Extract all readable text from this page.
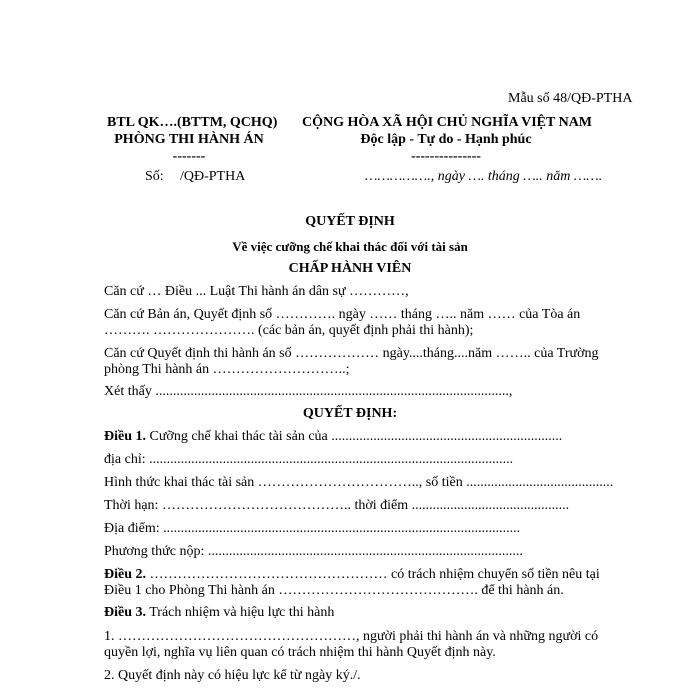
Mẫu số 48/QĐ-PTHA
BTL QK….(BTTM, QCHQ)
PHÒNG THI HÀNH ÁN
-------
CỘNG HÒA XÃ HỘI CHỦ NGHĨA VIỆT NAM
Độc lập - Tự do - Hạnh phúc
---------------
Số: /QĐ-PTHA	……………., ngày …. tháng ….. năm …….
QUYẾT ĐỊNH
Về việc cưỡng chế khai thác đối với tài sản
CHẤP HÀNH VIÊN
Căn cứ … Điều ... Luật Thi hành án dân sự …………,
Căn cứ Bản án, Quyết định số …………. ngày …… tháng ….. năm …… của Tòa án
………. …………………. (các bản án, quyết định phải thi hành);
Căn cứ Quyết định thi hành án số ……………… ngày....tháng....năm …….. của Trường
phòng Thi hành án ………………………..;
Xét thấy .....................................................................................................,
QUYẾT ĐỊNH:
Điều 1. Cưỡng chế khai thác tài sản của ..................................................................
địa chỉ: ........................................................................................................
Hình thức khai thác tài sản …………………………….., số tiền ..........................................
Thời hạn: ………………………………….. thời điểm .............................................
Địa điểm: ......................................................................................................
Phương thức nộp: ..........................................................................................
Điều 2. …………………………………………… có trách nhiệm chuyển số tiền nêu tại
Điều 1 cho Phòng Thi hành án ……………………………………. để thi hành án.
Điều 3. Trách nhiệm và hiệu lực thi hành
1. ……………………………………………, người phải thi hành án và những người có
quyền lợi, nghĩa vụ liên quan có trách nhiệm thi hành Quyết định này.
2. Quyết định này có hiệu lực kể từ ngày ký./.
